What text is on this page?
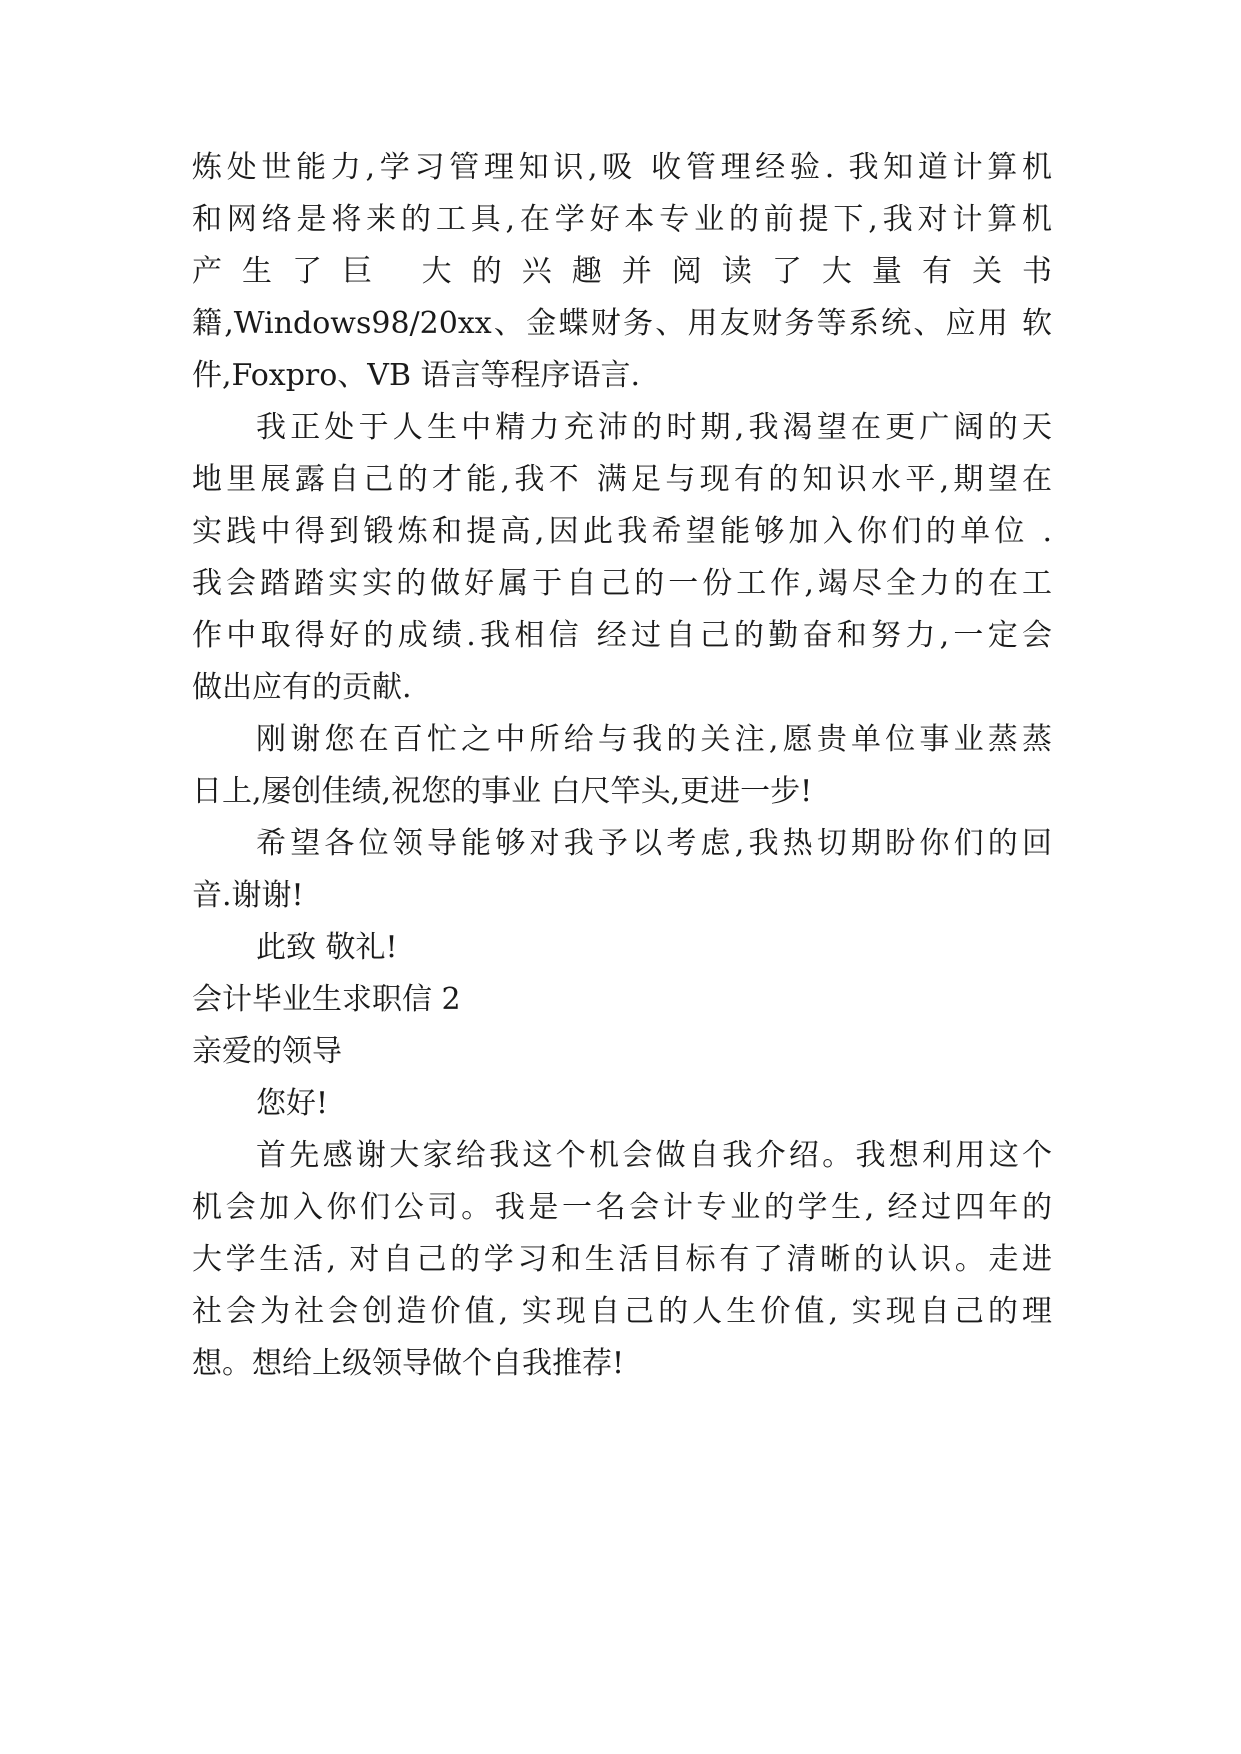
炼处世能力,学习管理知识,吸 收管理经验. 我知道计算机
和网络是将来的工具,在学好本专业的前提下,我对计算机
产 生 了 巨   大 的 兴 趣 并 阅 读 了 大 量 有 关 书
籍,Windows98/20xx、金蝶财务、用友财务等系统、应用 软
件,Foxpro、VB 语言等程序语言.
我正处于人生中精力充沛的时期,我渴望在更广阔的天
地里展露自己的才能,我不 满足与现有的知识水平,期望在
实践中得到锻炼和提高,因此我希望能够加入你们的单位 .
我会踏踏实实的做好属于自己的一份工作,竭尽全力的在工
作中取得好的成绩.我相信 经过自己的勤奋和努力,一定会
做出应有的贡献.
刚谢您在百忙之中所给与我的关注,愿贵单位事业蒸蒸
日上,屡创佳绩,祝您的事业 白尺竿头,更进一步!
希望各位领导能够对我予以考虑,我热切期盼你们的回
音.谢谢!
此致 敬礼!
会计毕业生求职信 2
亲爱的领导
您好!
首先感谢大家给我这个机会做自我介绍。我想利用这个
机会加入你们公司。我是一名会计专业的学生, 经过四年的
大学生活, 对自己的学习和生活目标有了清晰的认识。走进
社会为社会创造价值, 实现自己的人生价值, 实现自己的理
想。想给上级领导做个自我推荐!
